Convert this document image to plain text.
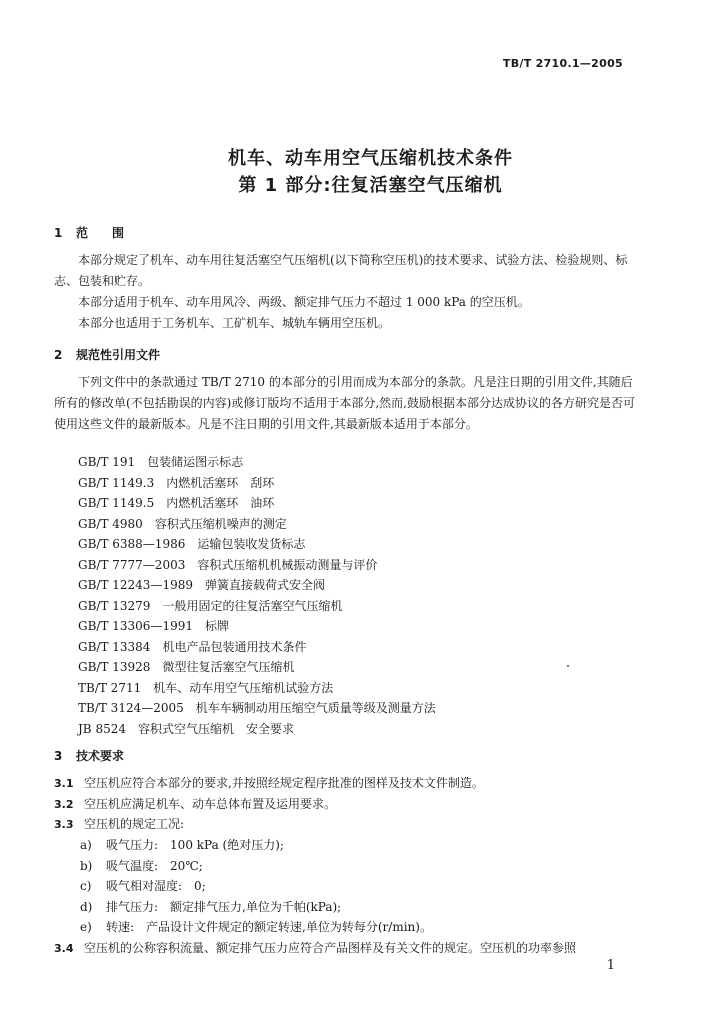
TB/T 2710.1—2005
机车、动车用空气压缩机技术条件
第 1 部分:往复活塞空气压缩机
1 范　　围

本部分规定了机车、动车用往复活塞空气压缩机(以下简称空压机)的技术要求、试验方法、检验规则、标志、包装和贮存。

本部分适用于机车、动车用风冷、两级、额定排气压力不超过 1 000 kPa 的空压机。

本部分也适用于工务机车、工矿机车、城轨车辆用空压机。

2 规范性引用文件

下列文件中的条款通过 TB/T 2710 的本部分的引用而成为本部分的条款。凡是注日期的引用文件,其随后所有的修改单(不包括勘误的内容)或修订版均不适用于本部分,然而,鼓励根据本部分达成协议的各方研究是否可使用这些文件的最新版本。凡是不注日期的引用文件,其最新版本适用于本部分。

GB/T 191　包装储运图示标志
GB/T 1149.3　内燃机活塞环　刮环
GB/T 1149.5　内燃机活塞环　油环
GB/T 4980　容积式压缩机噪声的测定
GB/T 6388—1986　运输包装收发货标志
GB/T 7777—2003　容积式压缩机机械振动测量与评价
GB/T 12243—1989　弹簧直接载荷式安全阀
GB/T 13279　一般用固定的往复活塞空气压缩机
GB/T 13306—1991　标牌
GB/T 13384　机电产品包装通用技术条件
GB/T 13928　微型往复活塞空气压缩机
TB/T 2711　机车、动车用空气压缩机试验方法
TB/T 3124—2005　机车车辆制动用压缩空气质量等级及测量方法
JB 8524　容积式空气压缩机　安全要求
3 技术要求
3.1 空压机应符合本部分的要求,并按照经规定程序批准的图样及技术文件制造。
3.2 空压机应满足机车、动车总体布置及运用要求。
3.3 空压机的规定工况:
a) 吸气压力:　100 kPa (绝对压力);
b) 吸气温度:　20℃;
c) 吸气相对湿度:　0;
d) 排气压力:　额定排气压力,单位为千帕(kPa);
e) 转速:　产品设计文件规定的额定转速,单位为转每分(r/min)。
3.4 空压机的公称容积流量、额定排气压力应符合产品图样及有关文件的规定。空压机的功率参照
1
